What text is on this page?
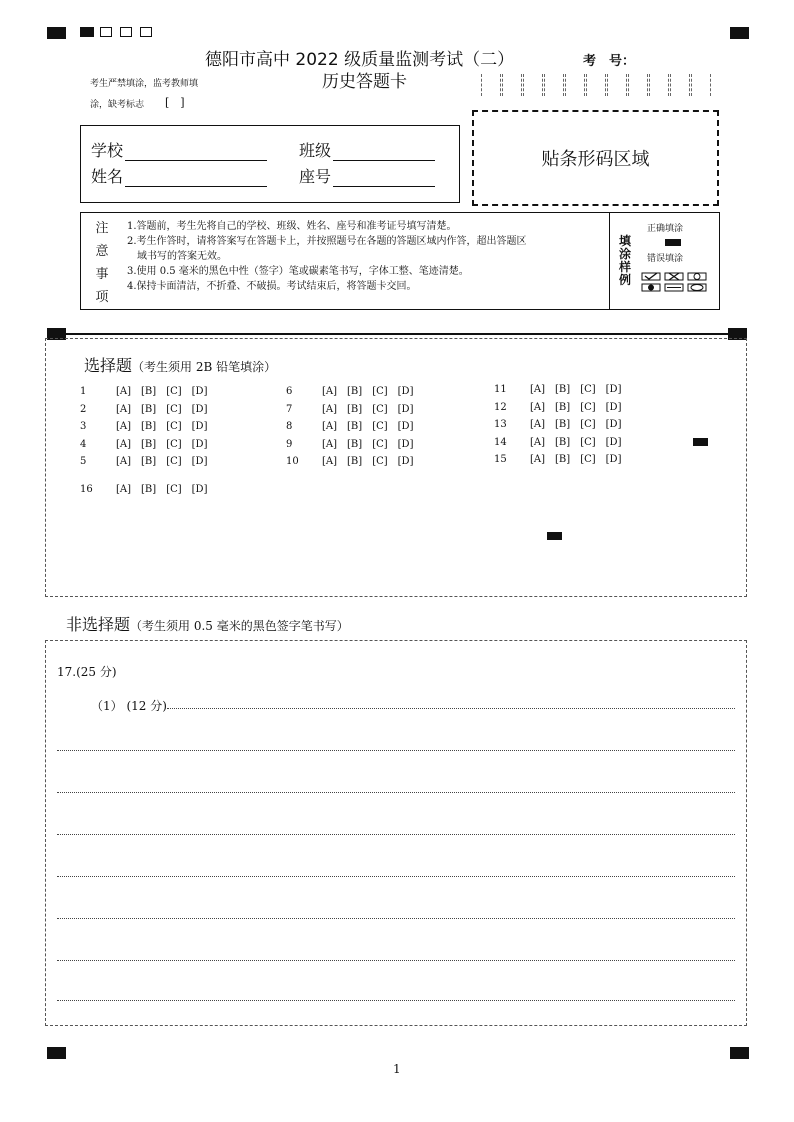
德阳市高中 2022 级质量监测考试（二）
历史答题卡
考　号：
考生严禁填涂，监考教师填
涂，缺考标志 [　]
学校	班级
姓名	座号
贴条形码区域
注
意
事
项
1.答题前，考生先将自己的学校、班级、姓名、座号和准考证号填写清楚。
2.考生作答时，请将答案写在答题卡上，并按照题号在各题的答题区域内作答，超出答题区
　域书写的答案无效。
3.使用 0.5 毫米的黑色中性（签字）笔或碳素笔书写，字体工整、笔迹清楚。
4.保持卡面清洁，不折叠、不破损。考试结束后，将答题卡交回。
填
涂
样
例
正确填涂
错误填涂
选择题（考生须用 2B 铅笔填涂）
1	[A] [B] [C] [D]
2	[A] [B] [C] [D]
3	[A] [B] [C] [D]
4	[A] [B] [C] [D]
5	[A] [B] [C] [D]
6	[A] [B] [C] [D]
7	[A] [B] [C] [D]
8	[A] [B] [C] [D]
9	[A] [B] [C] [D]
10	[A] [B] [C] [D]
11	[A] [B] [C] [D]
12	[A] [B] [C] [D]
13	[A] [B] [C] [D]
14	[A] [B] [C] [D]
15	[A] [B] [C] [D]
16	[A] [B] [C] [D]
非选择题（考生须用 0.5 毫米的黑色签字笔书写）
17.(25 分)
（1） (12 分)
1
